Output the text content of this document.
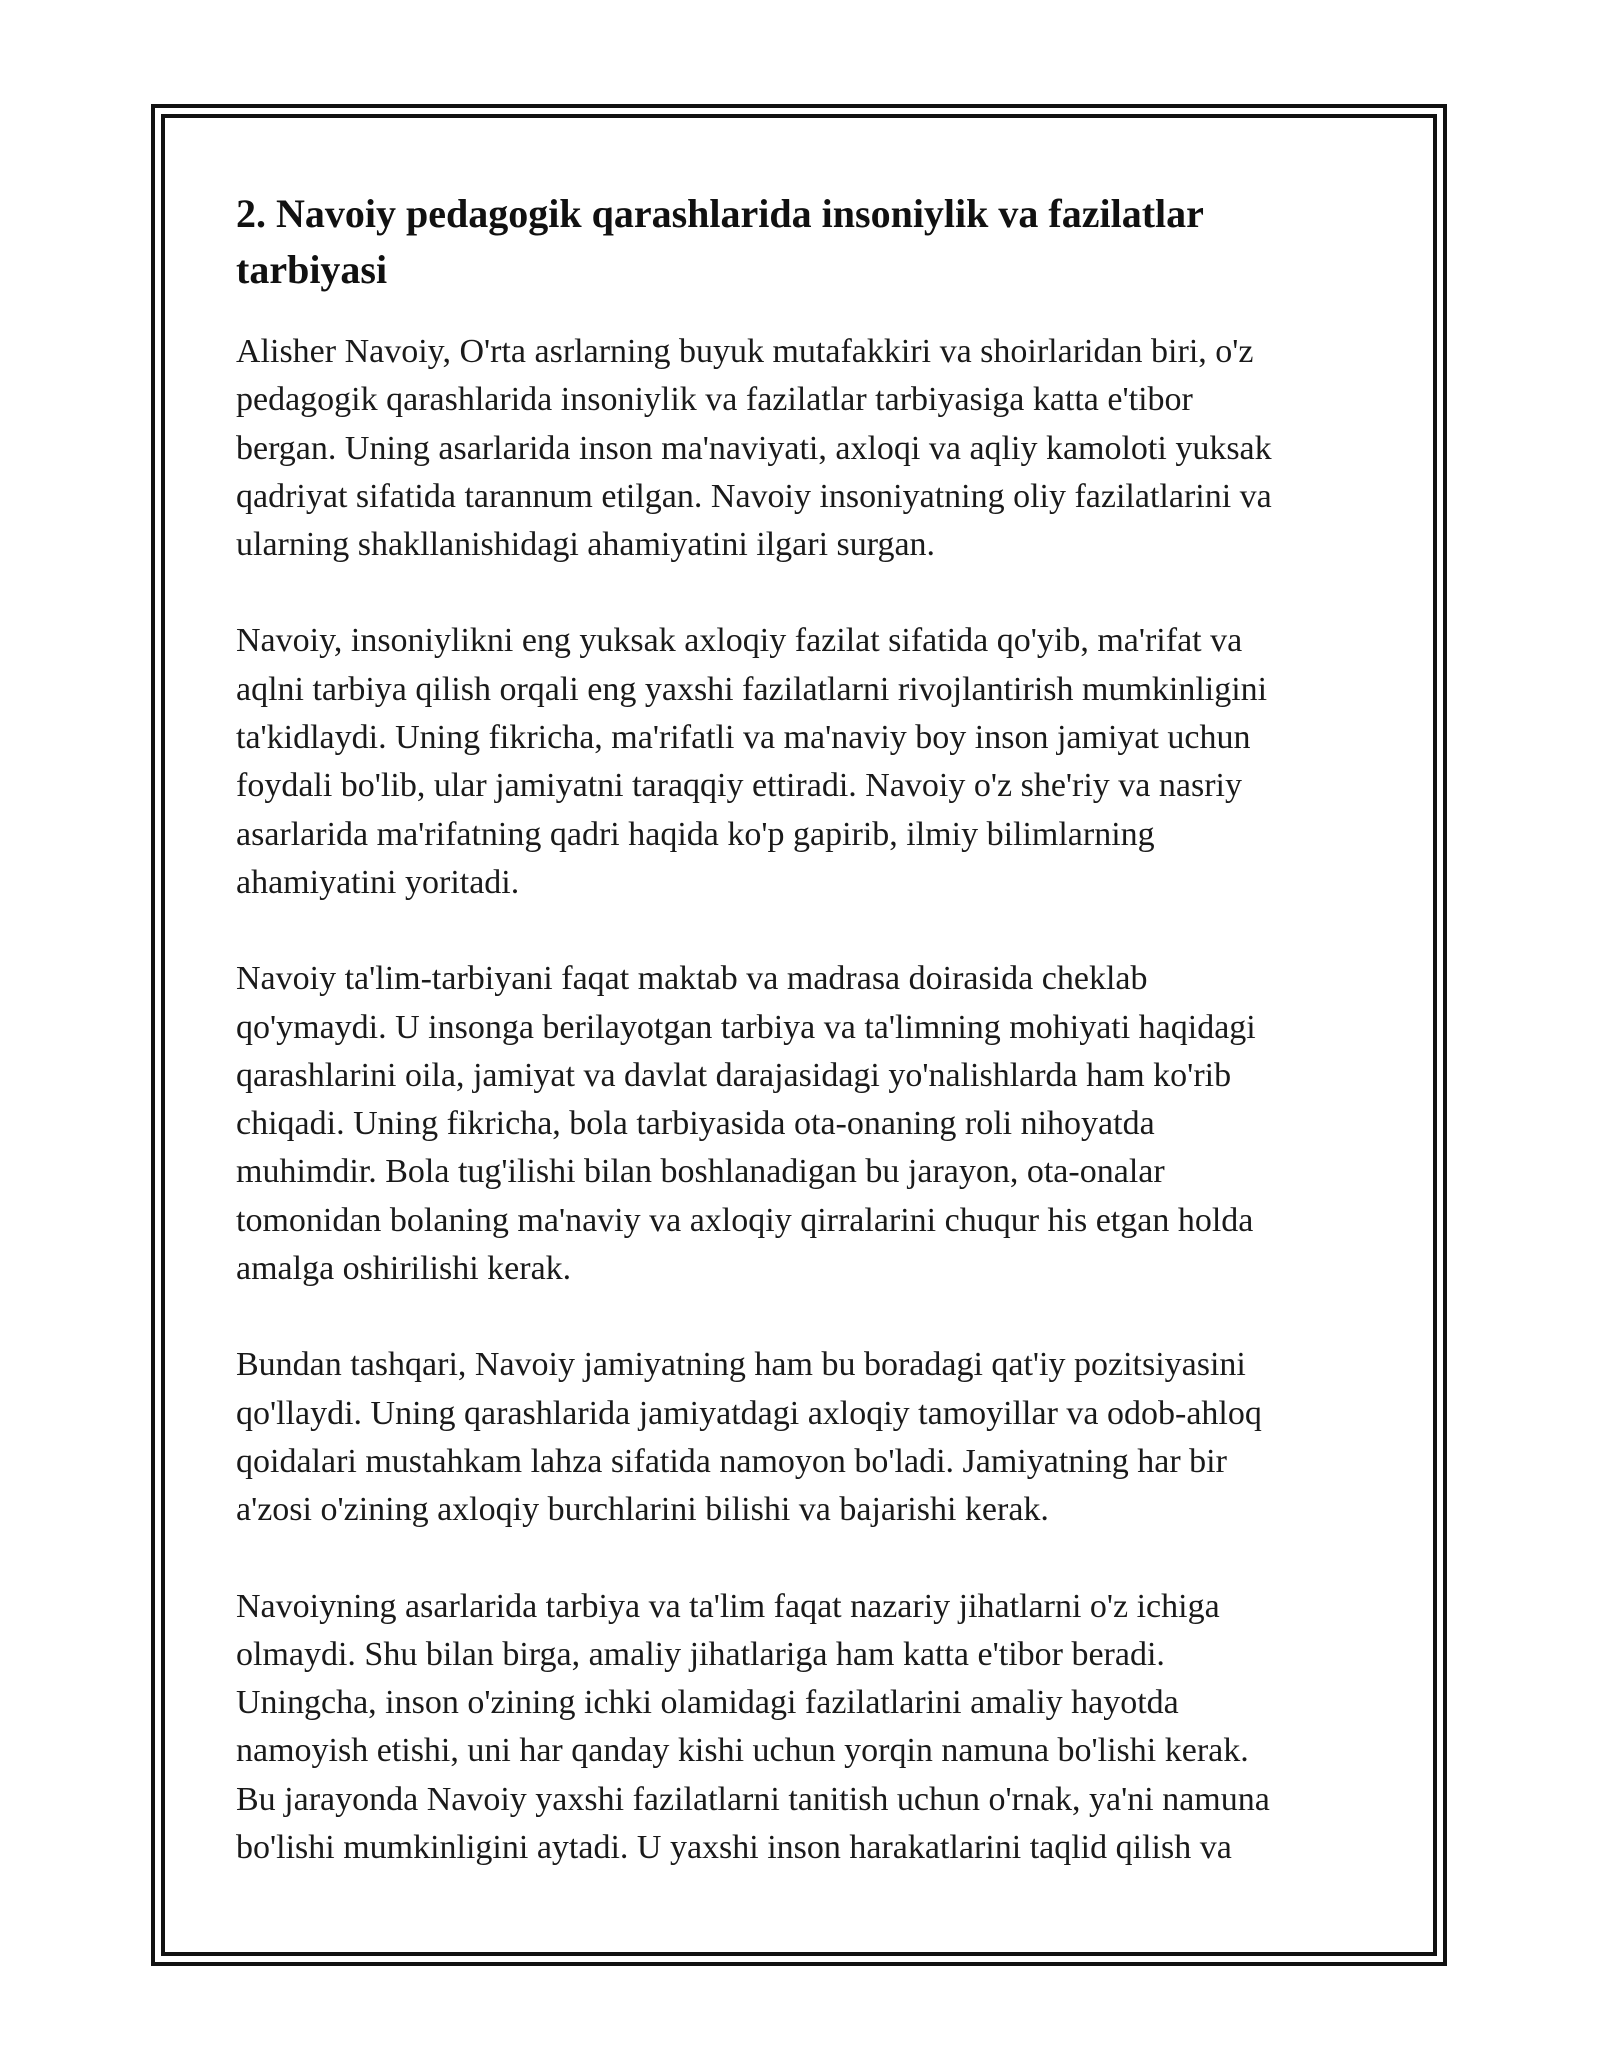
2. Navoiy pedagogik qarashlarida insoniylik va fazilatlar
tarbiyasi

Alisher Navoiy, O'rta asrlarning buyuk mutafakkiri va shoirlaridan biri, o'z
pedagogik qarashlarida insoniylik va fazilatlar tarbiyasiga katta e'tibor
bergan. Uning asarlarida inson ma'naviyati, axloqi va aqliy kamoloti yuksak
qadriyat sifatida tarannum etilgan. Navoiy insoniyatning oliy fazilatlarini va
ularning shakllanishidagi ahamiyatini ilgari surgan.

Navoiy, insoniylikni eng yuksak axloqiy fazilat sifatida qo'yib, ma'rifat va
aqlni tarbiya qilish orqali eng yaxshi fazilatlarni rivojlantirish mumkinligini
ta'kidlaydi. Uning fikricha, ma'rifatli va ma'naviy boy inson jamiyat uchun
foydali bo'lib, ular jamiyatni taraqqiy ettiradi. Navoiy o'z she'riy va nasriy
asarlarida ma'rifatning qadri haqida ko'p gapirib, ilmiy bilimlarning
ahamiyatini yoritadi.

Navoiy ta'lim-tarbiyani faqat maktab va madrasa doirasida cheklab
qo'ymaydi. U insonga berilayotgan tarbiya va ta'limning mohiyati haqidagi
qarashlarini oila, jamiyat va davlat darajasidagi yo'nalishlarda ham ko'rib
chiqadi. Uning fikricha, bola tarbiyasida ota-onaning roli nihoyatda
muhimdir. Bola tug'ilishi bilan boshlanadigan bu jarayon, ota-onalar
tomonidan bolaning ma'naviy va axloqiy qirralarini chuqur his etgan holda
amalga oshirilishi kerak.

Bundan tashqari, Navoiy jamiyatning ham bu boradagi qat'iy pozitsiyasini
qo'llaydi. Uning qarashlarida jamiyatdagi axloqiy tamoyillar va odob-ahloq
qoidalari mustahkam lahza sifatida namoyon bo'ladi. Jamiyatning har bir
a'zosi o'zining axloqiy burchlarini bilishi va bajarishi kerak.

Navoiyning asarlarida tarbiya va ta'lim faqat nazariy jihatlarni o'z ichiga
olmaydi. Shu bilan birga, amaliy jihatlariga ham katta e'tibor beradi.
Uningcha, inson o'zining ichki olamidagi fazilatlarini amaliy hayotda
namoyish etishi, uni har qanday kishi uchun yorqin namuna bo'lishi kerak.
Bu jarayonda Navoiy yaxshi fazilatlarni tanitish uchun o'rnak, ya'ni namuna
bo'lishi mumkinligini aytadi. U yaxshi inson harakatlarini taqlid qilish va
